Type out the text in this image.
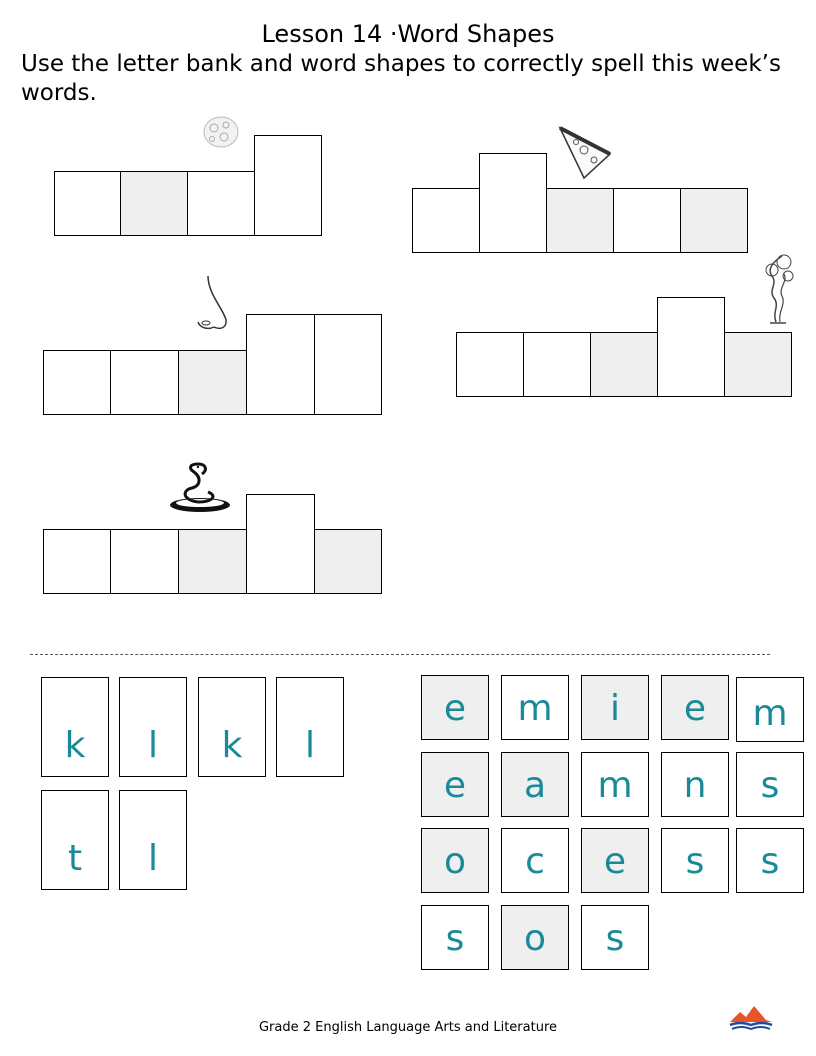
Lesson 14 ·Word Shapes
Use the letter bank and word shapes to correctly spell this week’s words.
k	l	k	l
t	l
e	m	i	e	m
e	a	m	n	s
o	c	e	s	s
s	o	s
Grade 2 English Language Arts and Literature
